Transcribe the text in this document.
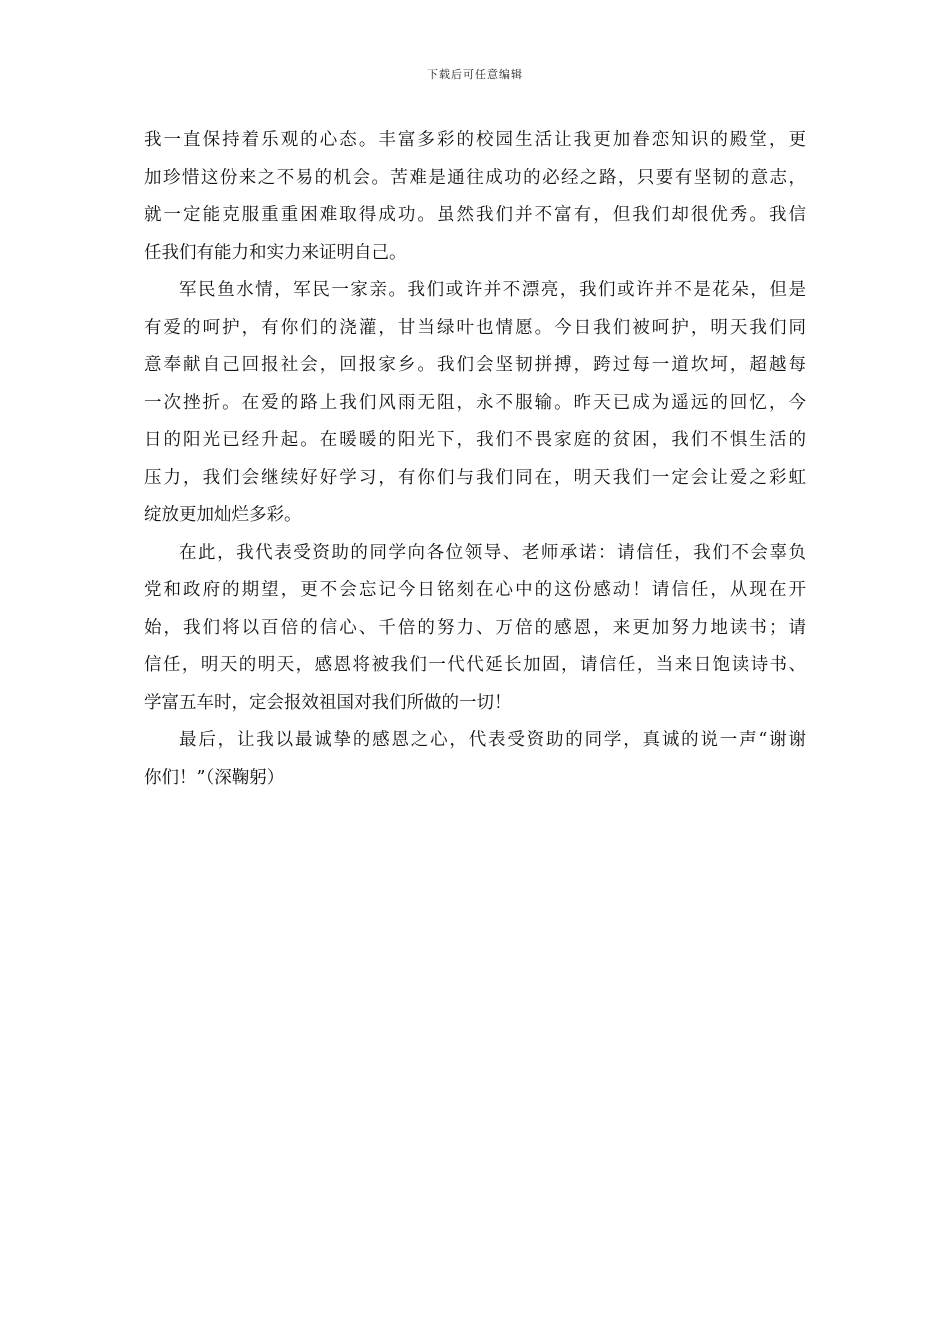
下载后可任意编辑
我一直保持着乐观的心态。丰富多彩的校园生活让我更加眷恋知识的殿堂，更
加珍惜这份来之不易的机会。苦难是通往成功的必经之路，只要有坚韧的意志，
就一定能克服重重困难取得成功。虽然我们并不富有，但我们却很优秀。我信
任我们有能力和实力来证明自己。
军民鱼水情，军民一家亲。我们或许并不漂亮，我们或许并不是花朵，但是
有爱的呵护，有你们的浇灌，甘当绿叶也情愿。今日我们被呵护，明天我们同
意奉献自己回报社会，回报家乡。我们会坚韧拼搏，跨过每一道坎坷，超越每
一次挫折。在爱的路上我们风雨无阻，永不服输。昨天已成为遥远的回忆，今
日的阳光已经升起。在暖暖的阳光下，我们不畏家庭的贫困，我们不惧生活的
压力，我们会继续好好学习，有你们与我们同在，明天我们一定会让爱之彩虹
绽放更加灿烂多彩。
在此，我代表受资助的同学向各位领导、老师承诺：请信任，我们不会辜负
党和政府的期望，更不会忘记今日铭刻在心中的这份感动！请信任，从现在开
始，我们将以百倍的信心、千倍的努力、万倍的感恩，来更加努力地读书；请
信任，明天的明天，感恩将被我们一代代延长加固，请信任，当来日饱读诗书、
学富五车时，定会报效祖国对我们所做的一切！
最后，让我以最诚挚的感恩之心，代表受资助的同学，真诚的说一声“谢谢
你们！”（深鞠躬）
